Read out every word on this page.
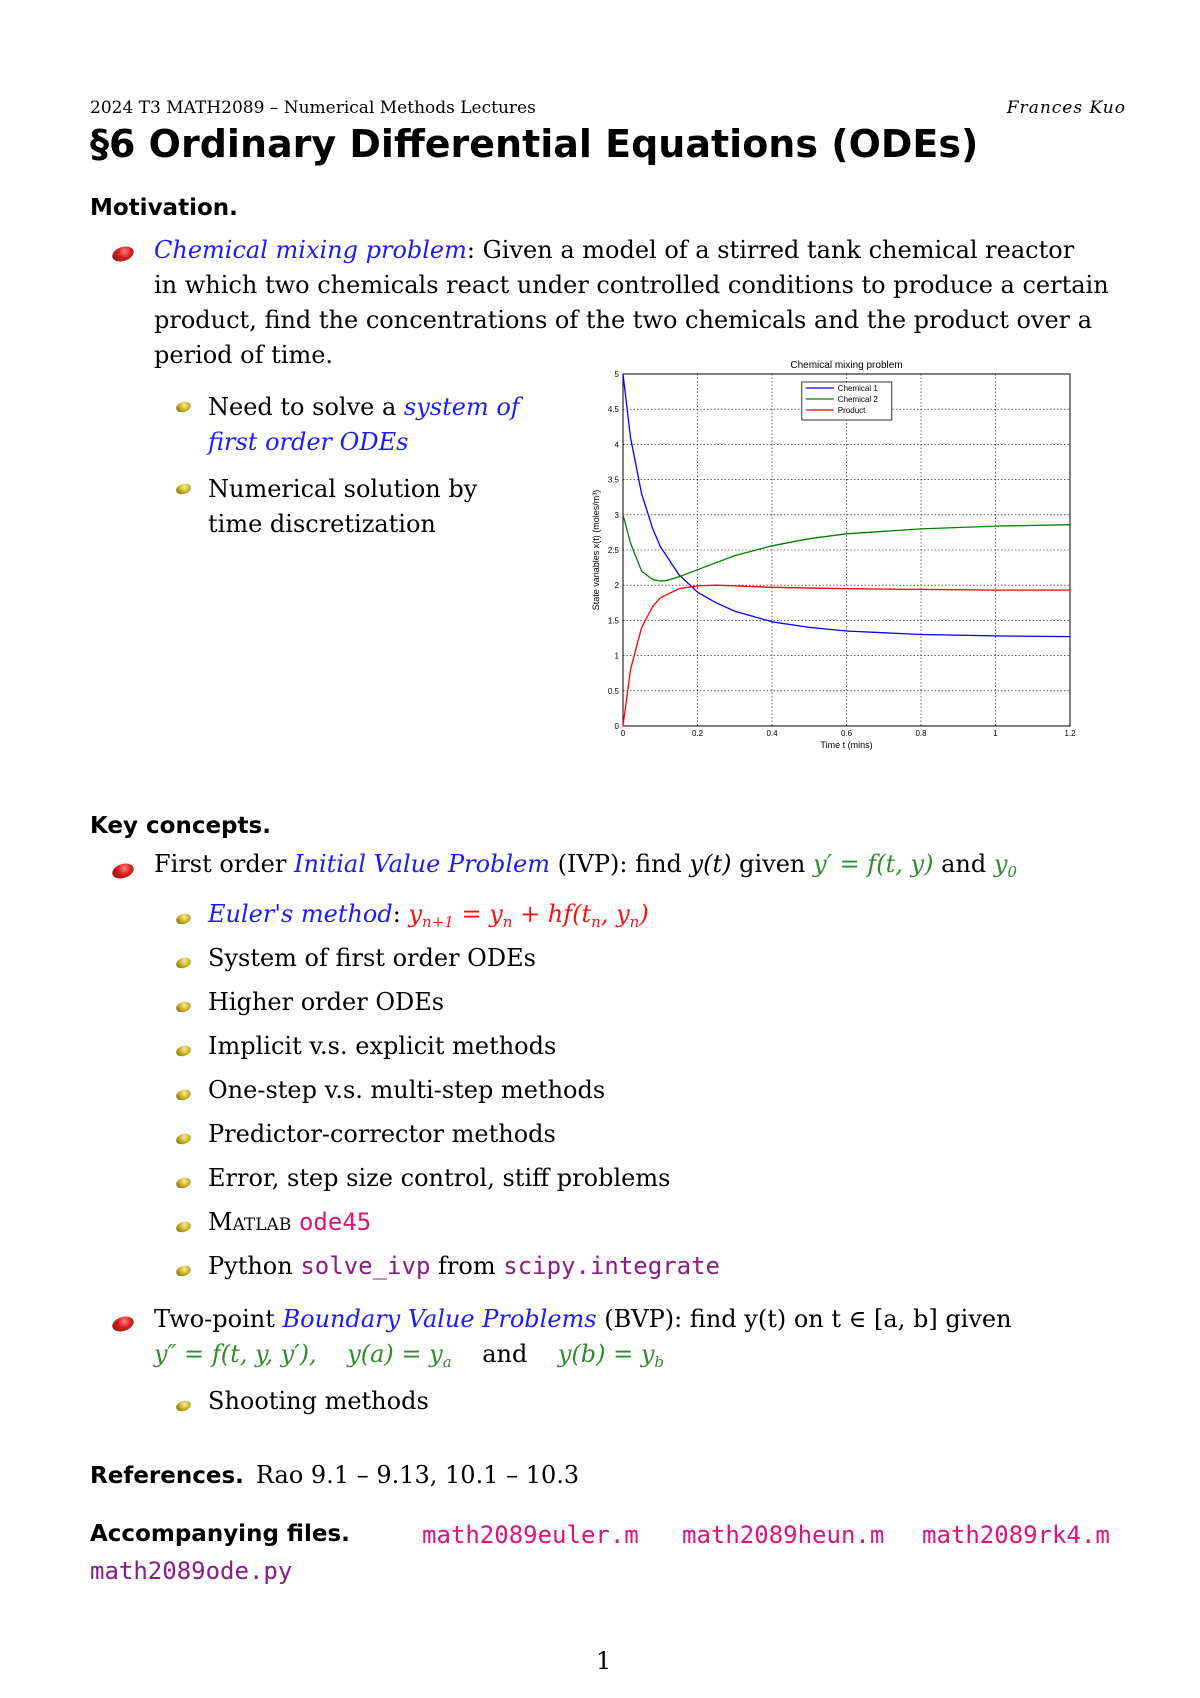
2024 T3 MATH2089 – Numerical Methods Lectures	Frances Kuo
§6 Ordinary Differential Equations (ODEs)
Motivation.
Chemical mixing problem: Given a model of a stirred tank chemical reactor
in which two chemicals react under controlled conditions to produce a certain
product, find the concentrations of the two chemicals and the product over a
period of time.
Need to solve a system of
first order ODEs
Numerical solution by
time discretization
Chemical mixing problem
0	0.2	0.4	0.6	0.8	1	1.2
0
0.5
1
1.5
2
2.5
3
3.5
4
4.5
5
Time t (mins)
State variables x(t) (moles/m³)
Chemical 1
Chemical 2
Product
Key concepts.
First order Initial Value Problem (IVP): find y(t) given y′ = f(t, y) and $y_0$
Euler's method: $y_{n+1} = y_n + hf(t_n$, $y_n$)
System of first order ODEs
Higher order ODEs
Implicit v.s. explicit methods
One-step v.s. multi-step methods
Predictor-corrector methods
Error, step size control, stiff problems
Matlab ode45
Python solve_ivp from scipy.integrate
Two-point Boundary Value Problems (BVP): find y(t) on t ∈ [a, b] given
y″ = f(t, y, y′), $y(a) = y_a$ and $y(b) = y_b$
Shooting methods
References. Rao 9.1 – 9.13, 10.1 – 10.3
Accompanying files.	math2089euler.m math2089heun.m math2089rk4.m
math2089ode.py
1
